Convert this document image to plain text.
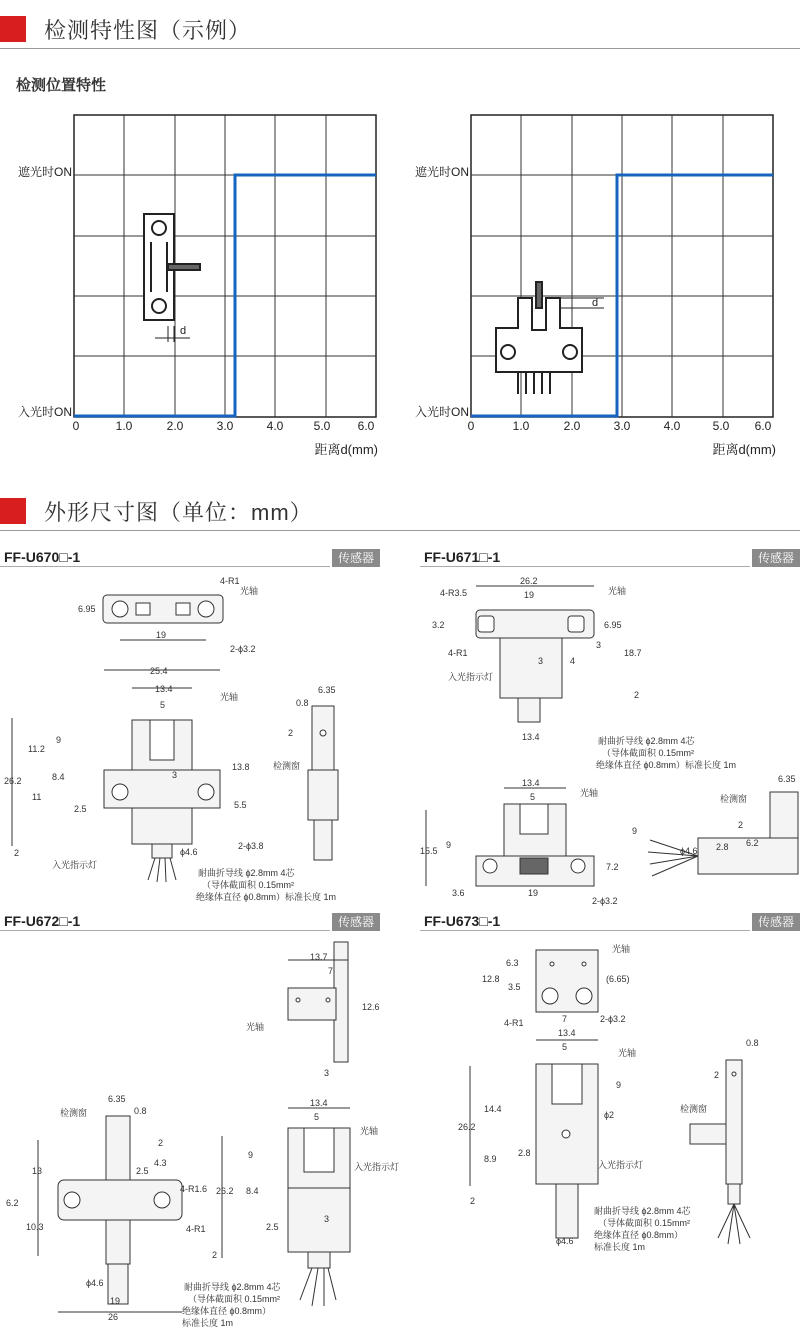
检测特性图（示例）
检测位置特性
d
遮光时ON
入光时ON
0	1.0	2.0	3.0	4.0	5.0 6.0
距离d(mm)
d
遮光时ON
入光时ON
0	1.0	2.0	3.0	4.0	5.0 6.0
距离d(mm)
外形尺寸图（单位：mm）
FF-U670□-1	传感器	FF-U671□-1	传感器
FF-U672□-1	传感器	FF-U673□-1	传感器
6.95
19
4-R1
光轴
2-ϕ3.2
25.4
13.4
5
光轴
11.2
9
13.8
8.4	3
26.2
11
2.5	5.5
2-ϕ3.8
ϕ4.6
2
入光指示灯
耐曲折导线 ϕ2.8mm 4芯
（导体截面积 0.15mm²
绝缘体直径 ϕ0.8mm）标准长度 1m
6.35
0.8
2
检测窗
26.2
光轴
4-R3.5	19
3.2	6.95
4-R1
3
3	4
18.7
入光指示灯
2
13.4	耐曲折导线 ϕ2.8mm 4芯
（导体截面积 0.15mm²
绝缘体直径 ϕ0.8mm）标准长度 1m
13.4
5	光轴
9
15.5
9
7.2
3.6	19
2-ϕ3.2
ϕ4.6 2.8 6.2
6.35
检测窗
2
13.7
7
12.6
光轴
3
6.35
0.8
检测窗
2
13
4.3
2.5
4-R1.6
6.2
10.3	4-R1
ϕ4.6
19
26
13.4
5
光轴
入光指示灯
26.2
9
8.4
2.5
3
2
耐曲折导线 ϕ2.8mm 4芯
（导体截面积 0.15mm²
绝缘体直径 ϕ0.8mm）
标准长度 1m
6.3
12.8
光轴
3.5
(6.65)
7
4-R1	2-ϕ3.2
13.4
5
光轴
9
26.2
14.4
ϕ2
8.9
2.8
入光指示灯
2
ϕ4.6
耐曲折导线 ϕ2.8mm 4芯
（导体截面积 0.15mm²
绝缘体直径 ϕ0.8mm）
标准长度 1m
0.8
2
检测窗
